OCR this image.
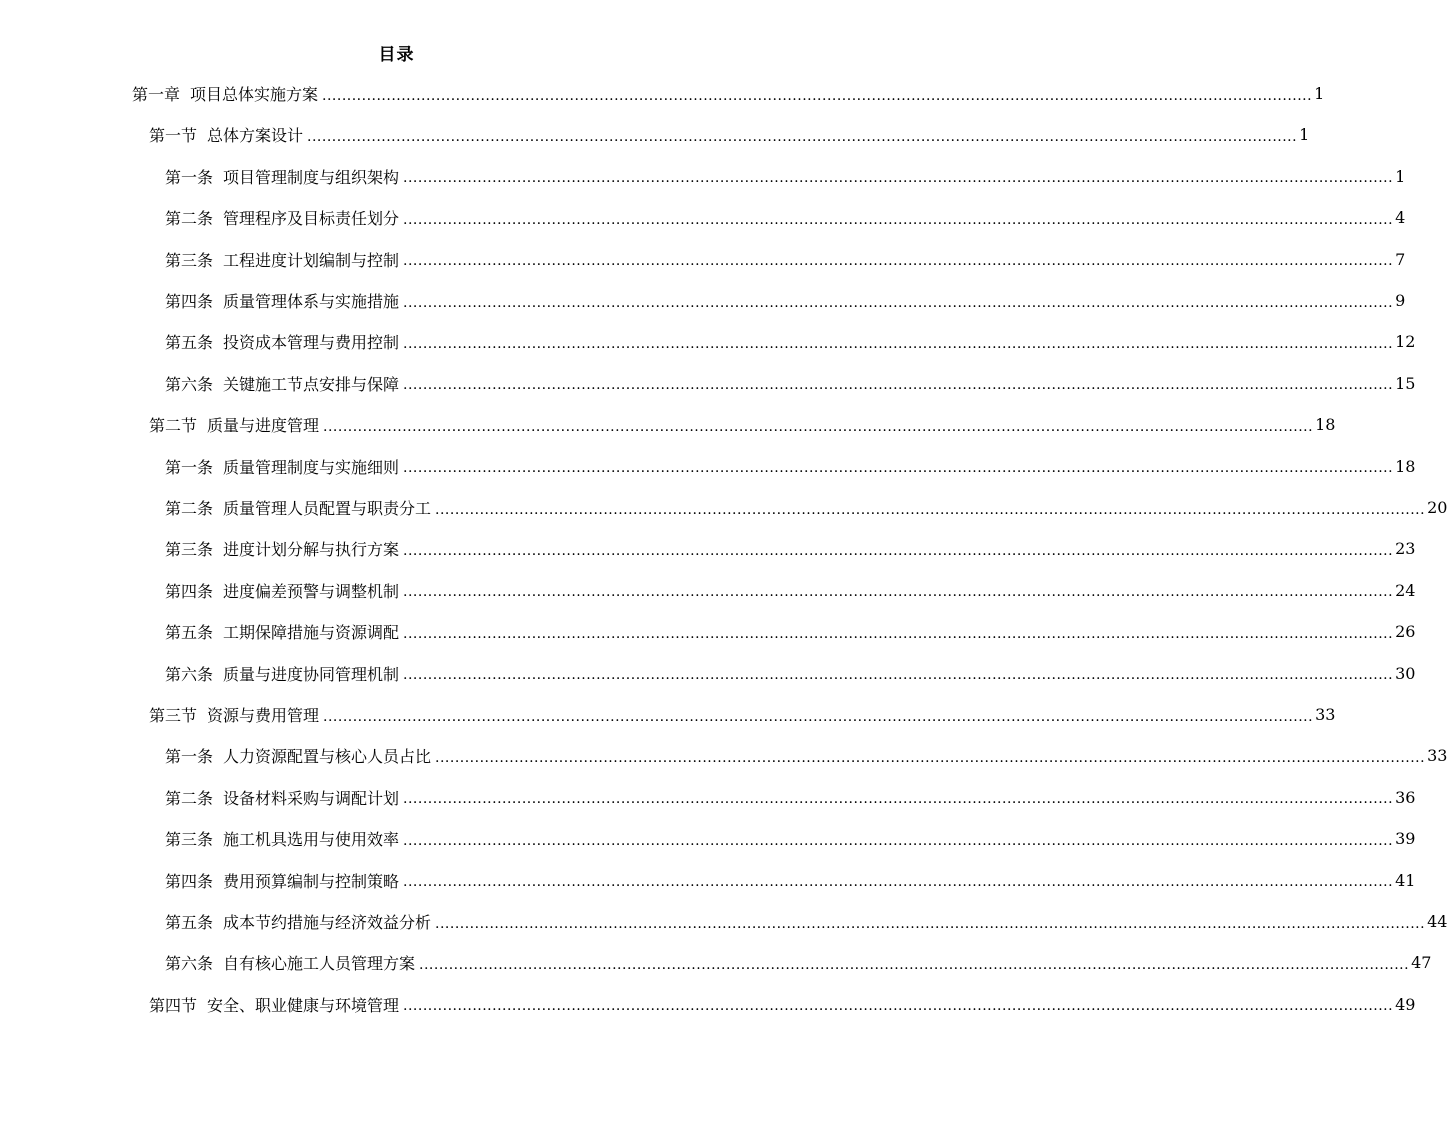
目录
第一章 项目总体实施方案 ........................................................................................................................................................................................................ 1
第一节 总体方案设计 ........................................................................................................................................................................................................ 1
第一条 项目管理制度与组织架构 ........................................................................................................................................................................................................ 1
第二条 管理程序及目标责任划分 ........................................................................................................................................................................................................ 4
第三条 工程进度计划编制与控制 ........................................................................................................................................................................................................ 7
第四条 质量管理体系与实施措施 ........................................................................................................................................................................................................ 9
第五条 投资成本管理与费用控制 ........................................................................................................................................................................................................ 12
第六条 关键施工节点安排与保障 ........................................................................................................................................................................................................ 15
第二节 质量与进度管理 ........................................................................................................................................................................................................ 18
第一条 质量管理制度与实施细则 ........................................................................................................................................................................................................ 18
第二条 质量管理人员配置与职责分工 ........................................................................................................................................................................................................ 20
第三条 进度计划分解与执行方案 ........................................................................................................................................................................................................ 23
第四条 进度偏差预警与调整机制 ........................................................................................................................................................................................................ 24
第五条 工期保障措施与资源调配 ........................................................................................................................................................................................................ 26
第六条 质量与进度协同管理机制 ........................................................................................................................................................................................................ 30
第三节 资源与费用管理 ........................................................................................................................................................................................................ 33
第一条 人力资源配置与核心人员占比 ........................................................................................................................................................................................................ 33
第二条 设备材料采购与调配计划 ........................................................................................................................................................................................................ 36
第三条 施工机具选用与使用效率 ........................................................................................................................................................................................................ 39
第四条 费用预算编制与控制策略 ........................................................................................................................................................................................................ 41
第五条 成本节约措施与经济效益分析 ........................................................................................................................................................................................................ 44
第六条 自有核心施工人员管理方案 ........................................................................................................................................................................................................ 47
第四节 安全、职业健康与环境管理 ........................................................................................................................................................................................................ 49
